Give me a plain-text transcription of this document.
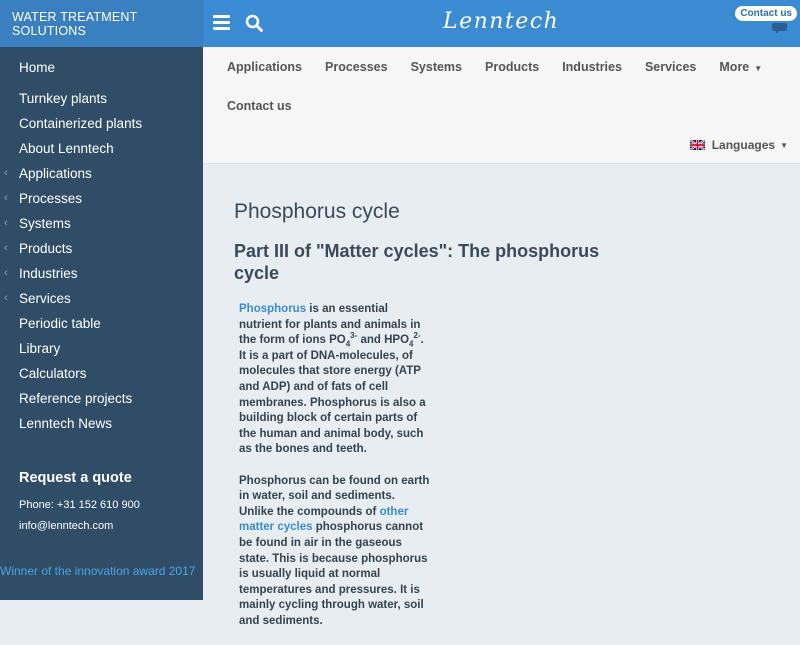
WATER TREATMENT SOLUTIONS
Home
Turnkey plants
Containerized plants
About Lenntech
‹ Applications
‹ Processes
‹ Systems
‹ Products
‹ Industries
‹ Services
Periodic table
Library
Calculators
Reference projects
Lenntech News
Request a quote
Phone: +31 152 610 900
info@lenntech.com
Winner of the innovation award 2017
Lenntech	Contact us
Applications Processes Systems Products Industries Services More ▼
Contact us
Languages ▼
Phosphorus cycle
Part III of "Matter cycles": The phosphorus cycle

Phosphorus is an essential nutrient for plants and animals in the form of ions $PO_4^{3-}$ and $HPO_4^{2-}$. It is a part of DNA-molecules, of molecules that store energy (ATP and ADP) and of fats of cell membranes. Phosphorus is also a building block of certain parts of the human and animal body, such as the bones and teeth.

Phosphorus can be found on earth in water, soil and sediments. Unlike the compounds of other matter cycles phosphorus cannot be found in air in the gaseous state. This is because phosphorus is usually liquid at normal temperatures and pressures. It is mainly cycling through water, soil and sediments.
